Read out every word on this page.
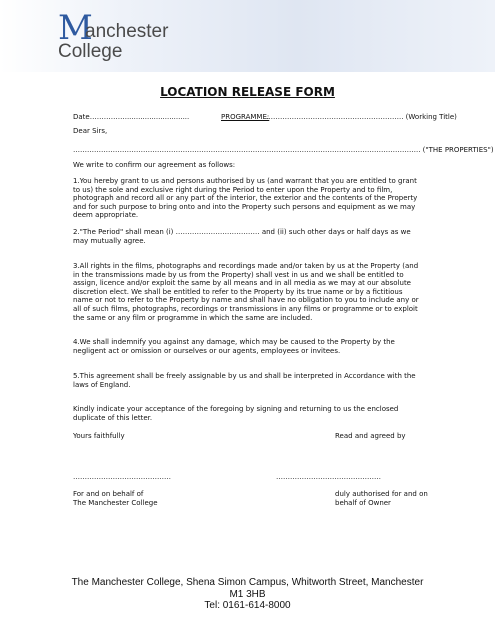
M
anchester
College
LOCATION RELEASE FORM
Date…………….............................	PROGRAMME:
………………………………………………….. (Working Title)
Dear Sirs,
………………………………………………………………………………………………………………………………….. ("THE PROPERTIES")
We write to confirm our agreement as follows:
1.You hereby grant to us and persons authorised by us (and warrant that you are entitled to grant to us) the sole and exclusive right during the Period to enter upon the Property and to film, photograph and record all or any part of the interior, the exterior and the contents of the Property and for such purpose to bring onto and into the Property such persons and equipment as we may deem appropriate.
2."The Period" shall mean (i) ……………………………… and (ii) such other days or half days as we may mutually agree.
3.All rights in the films, photographs and recordings made and/or taken by us at the Property (and in the transmissions made by us from the Property) shall vest in us and we shall be entitled to assign, licence and/or exploit the same by all means and in all media as we may at our absolute discretion elect. We shall be entitled to refer to the Property by its true name or by a fictitious name or not to refer to the Property by name and shall have no obligation to you to include any or all of such films, photographs, recordings or transmissions in any films or programme or to exploit the same or any film or programme in which the same are included.
4.We shall indemnify you against any damage, which may be caused to the Property by the negligent act or omission or ourselves or our agents, employees or invitees.
5.This agreement shall be freely assignable by us and shall be interpreted in Accordance with the laws of England.
Kindly indicate your acceptance of the foregoing by signing and returning to us the enclosed duplicate of this letter.
Yours faithfully	Read and agreed by
……………………………………	………………………………………
For and on behalf of
The Manchester College
duly authorised for and on
behalf of Owner
The Manchester College, Shena Simon Campus, Whitworth Street, Manchester
M1 3HB
Tel: 0161-614-8000
